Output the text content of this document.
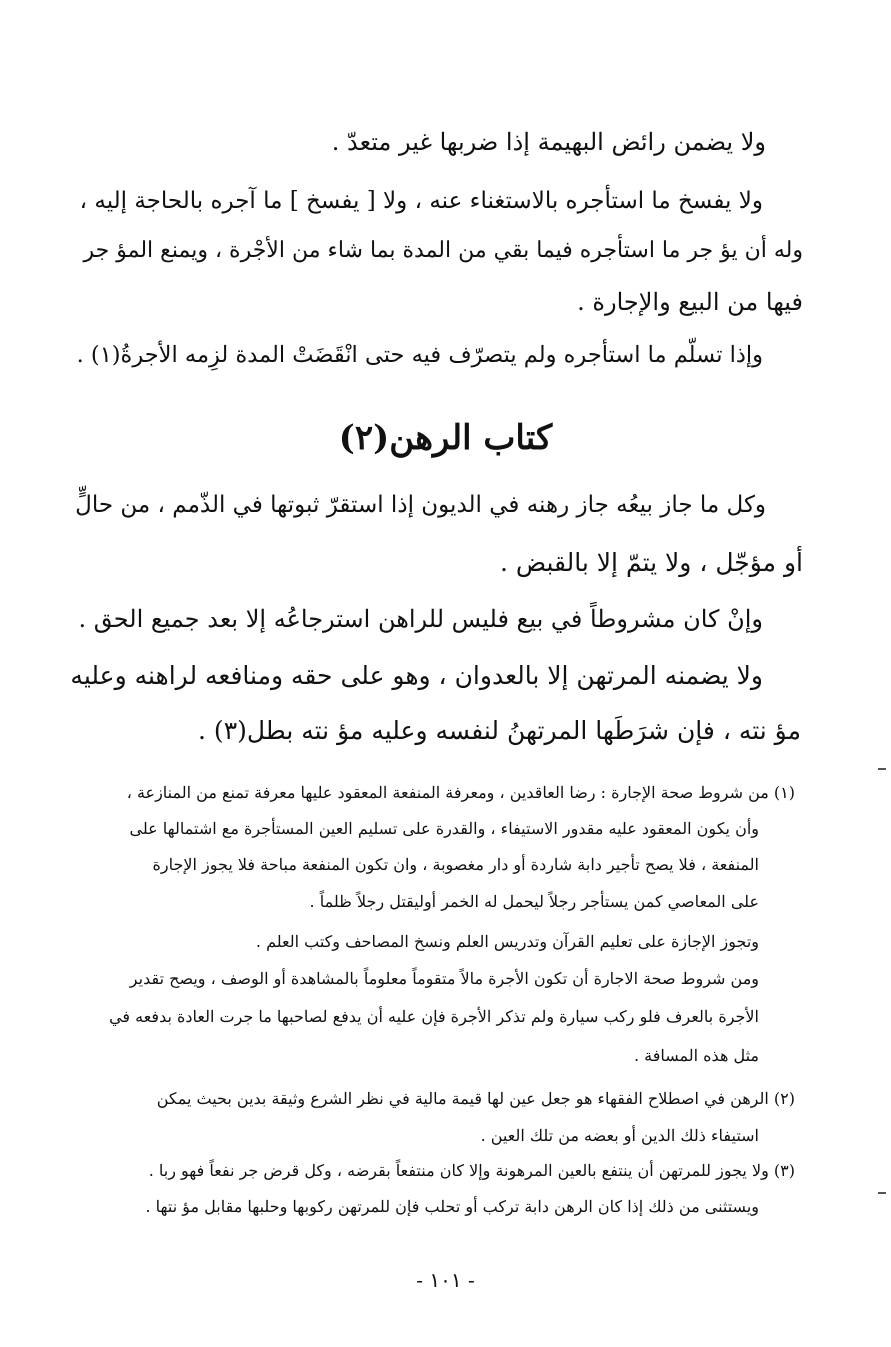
ولا يضمن رائض البهيمة إذا ضربها غير متعدّ .
ولا يفسخ ما استأجره بالاستغناء عنه ، ولا [ يفسخ ] ما آجره بالحاجة إليه ،
وله أن يؤ جر ما استأجره فيما بقي من المدة بما شاء من الأجْرة ، ويمنع المؤ جر
فيها من البيع والإجارة .
وإذا تسلّم ما استأجره ولم يتصرّف فيه حتى انْقَضَتْ المدة لزِمه الأجرةُ(١) .
كتاب الرهن(٢)
وكل ما جاز بيعُه جاز رهنه في الديون إذا استقرّ ثبوتها في الذّمم ، من حالٍّ
أو مؤجّل ، ولا يتمّ إلا بالقبض .
وإنْ كان مشروطاً في بيع فليس للراهن استرجاعُه إلا بعد جميع الحق .
ولا يضمنه المرتهن إلا بالعدوان ، وهو على حقه ومنافعه لراهنه وعليه
مؤ نته ، فإن شرَطَها المرتهنُ لنفسه وعليه مؤ نته بطل(٣) .
(١) من شروط صحة الإجارة : رضا العاقدين ، ومعرفة المنفعة المعقود عليها معرفة تمنع من المنازعة ،
وأن يكون المعقود عليه مقدور الاستيفاء ، والقدرة على تسليم العين المستأجرة مع اشتمالها على
المنفعة ، فلا يصح تأجير دابة شاردة أو دار مغصوبة ، وان تكون المنفعة مباحة فلا يجوز الإجارة
على المعاصي كمن يستأجر رجلاً ليحمل له الخمر أوليقتل رجلاً ظلماً .
وتجوز الإجازة على تعليم القرآن وتدريس العلم ونسخ المصاحف وكتب العلم .
ومن شروط صحة الاجارة أن تكون الأجرة مالاً متقوماً معلوماً بالمشاهدة أو الوصف ، ويصح تقدير
الأجرة بالعرف فلو ركب سيارة ولم تذكر الأجرة فإن عليه أن يدفع لصاحبها ما جرت العادة بدفعه في
مثل هذه المسافة .
(٢) الرهن في اصطلاح الفقهاء هو جعل عين لها قيمة مالية في نظر الشرع وثيقة بدين بحيث يمكن
استيفاء ذلك الدين أو بعضه من تلك العين .
(٣) ولا يجوز للمرتهن أن ينتفع بالعين المرهونة وإلا كان منتفعاً بقرضه ، وكل قرض جر نفعاً فهو ربا .
ويستثنى من ذلك إذا كان الرهن دابة تركب أو تحلب فإن للمرتهن ركوبها وحلبها مقابل مؤ نتها .
- ١٠١ -
